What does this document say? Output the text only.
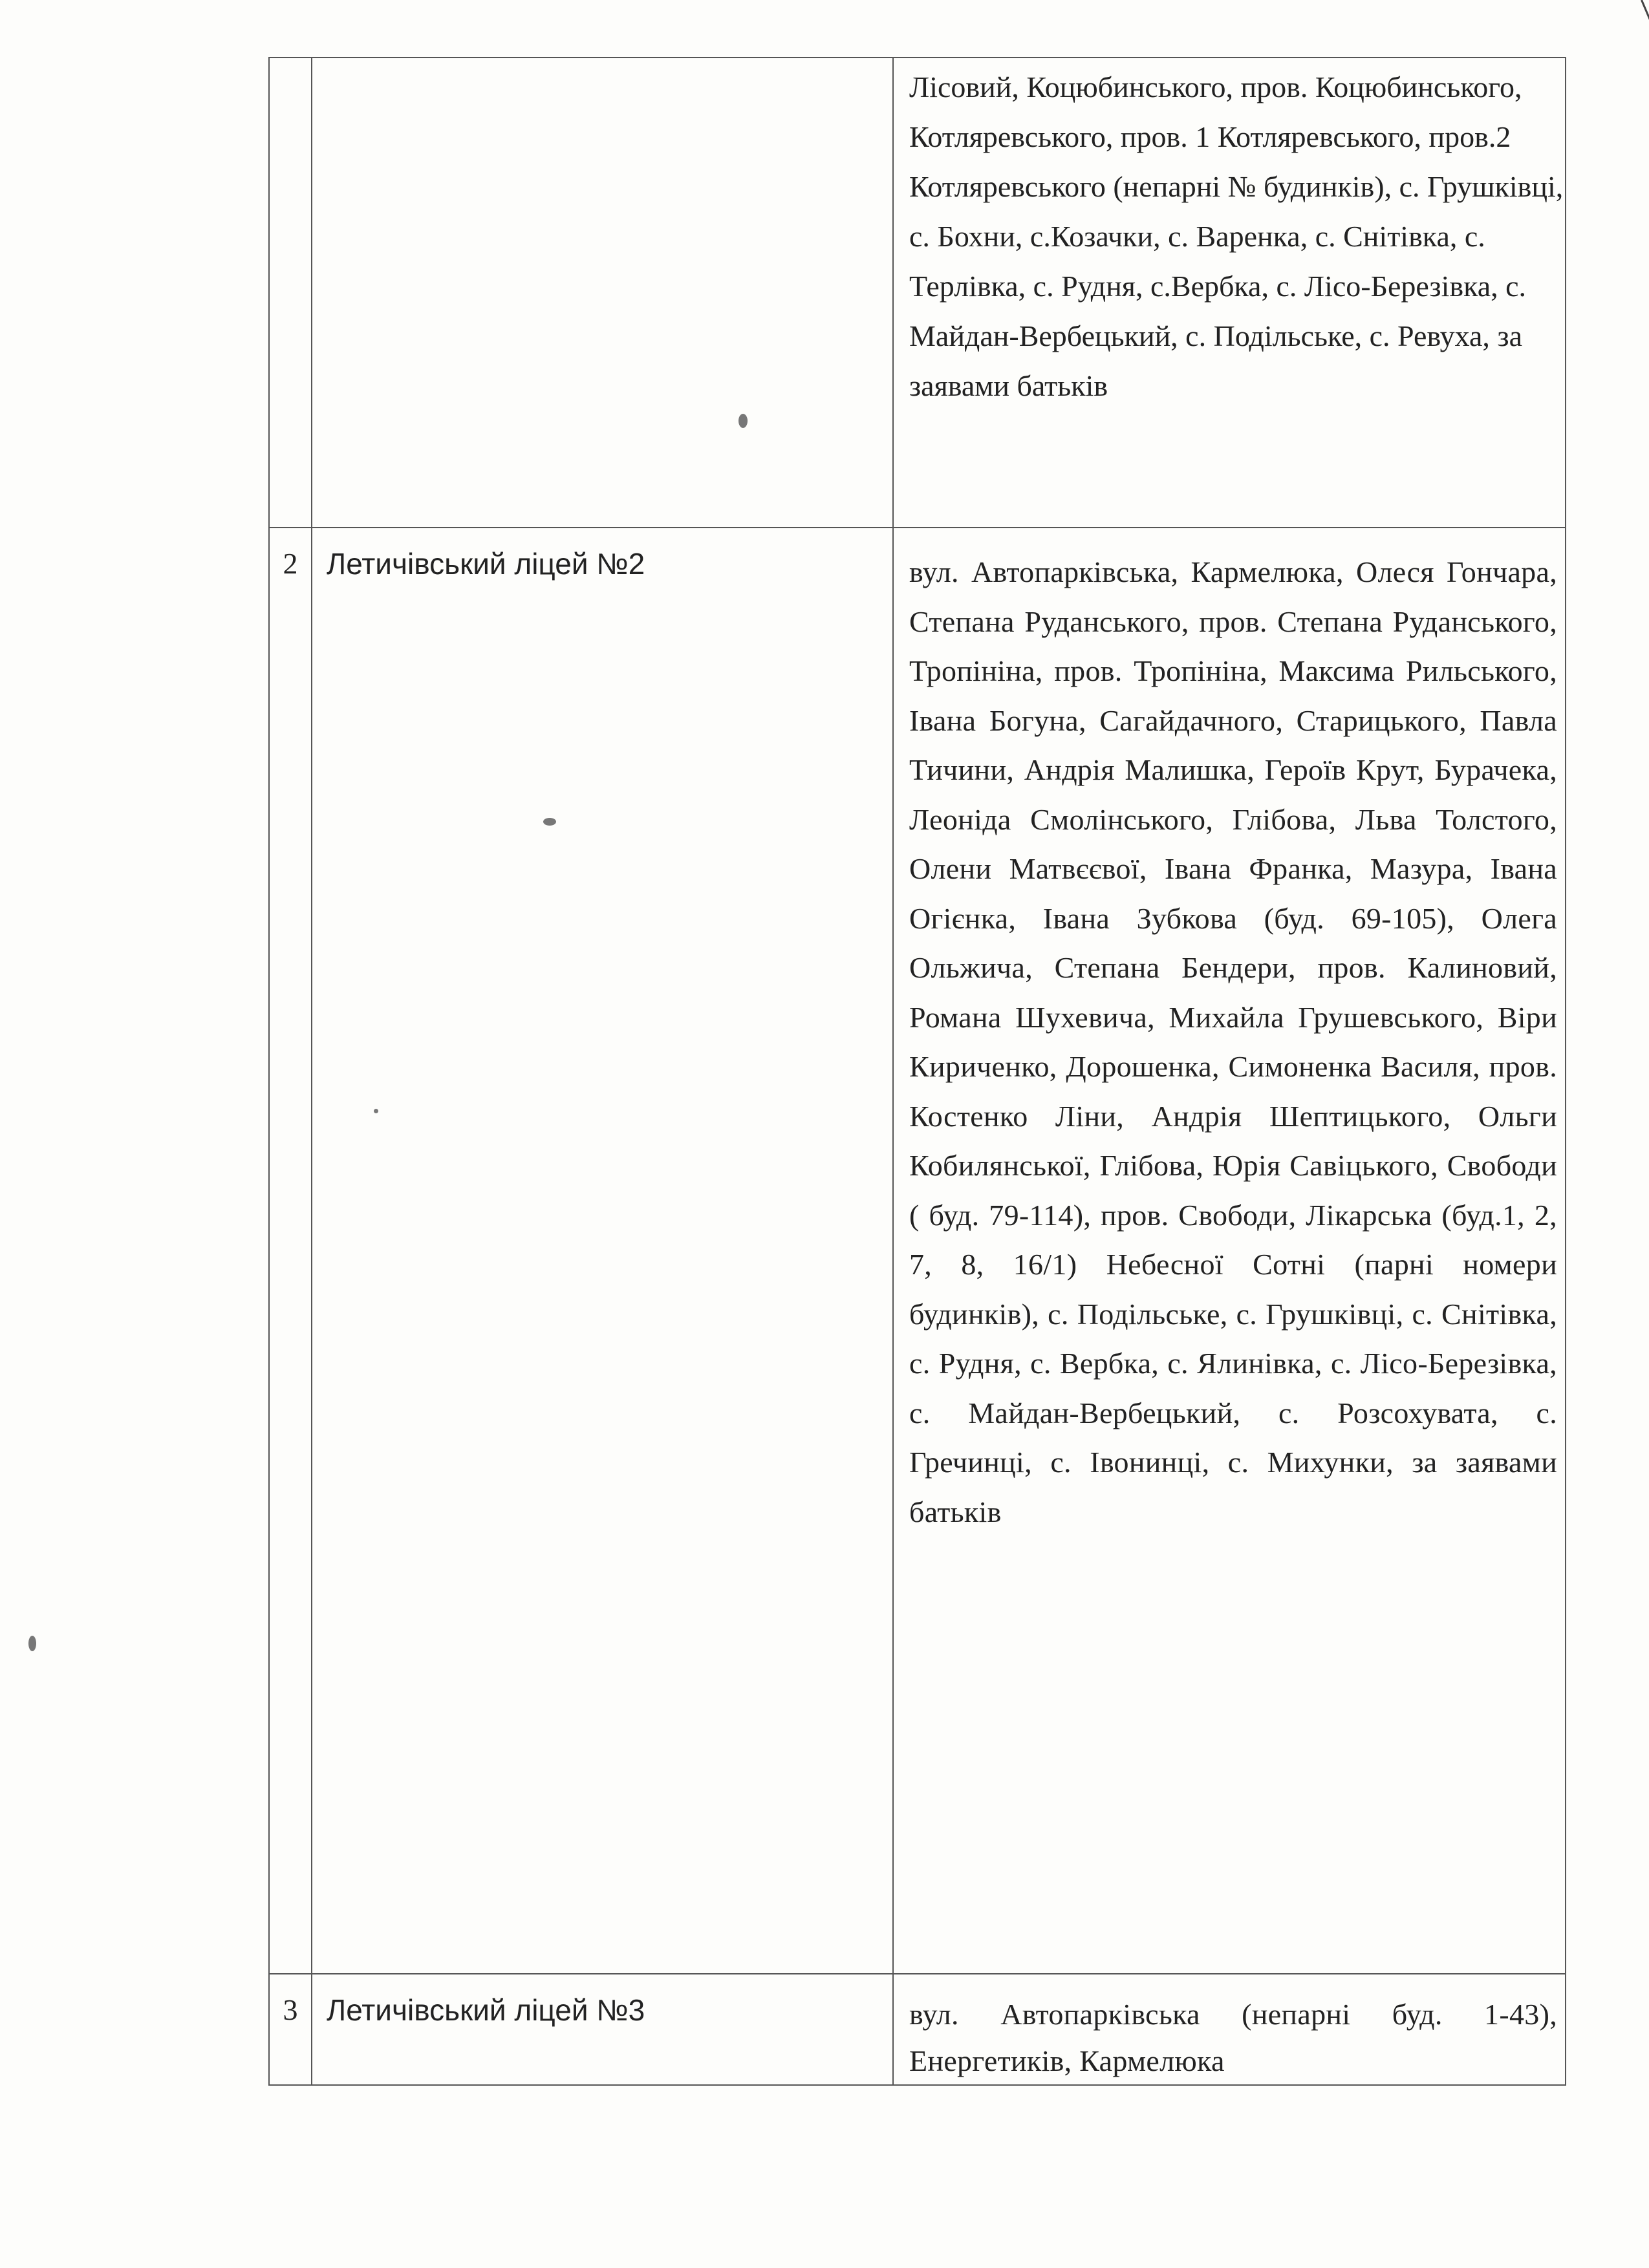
		Лісовий, Коцюбинського, пров. Коцюбинського, Котляревського, пров. 1 Котляревського, пров.2 Котляревського (непарні № будинків), с. Грушківці, с. Бохни, с.Козачки, с. Варенка, с. Снітівка, с. Терлівка, с. Рудня, с.Вербка, с. Лісо-Березівка, с. Майдан-Вербецький, с. Подільське, с. Ревуха, за заявами батьків

2	Летичівський ліцей №2	вул. Автопарківська, Кармелюка, Олеся Гончара, Степана Руданського, пров. Степана Руданського, Тропініна, пров. Тропініна, Максима Рильського, Івана Богуна, Сагайдачного, Старицького, Павла Тичини, Андрія Малишка, Героїв Крут, Бурачека, Леоніда Смолінського, Глібова, Льва Толстого, Олени Матвєєвої, Івана Франка, Мазура, Івана Огієнка, Івана Зубкова (буд. 69-105), Олега Ольжича, Степана Бендери, пров. Калиновий, Романа Шухевича, Михайла Грушевського, Віри Кириченко, Дорошенка, Симоненка Василя, пров. Костенко Ліни, Андрія Шептицького, Ольги Кобилянської, Глібова, Юрія Савіцького, Свободи ( буд. 79-114), пров. Свободи, Лікарська (буд.1, 2, 7, 8, 16/1) Небесної Сотні (парні номери будинків), с. Подільське, с. Грушківці, с. Снітівка, с. Рудня, с. Вербка, с. Ялинівка, с. Лісо-Березівка, с. Майдан-Вербецький, с. Розсохувата, с. Гречинці, с. Івонинці, с. Михунки, за заявами батьків

3	Летичівський ліцей №3	вул. Автопарківська (непарні буд. 1-43), Енергетиків, Кармелюка
